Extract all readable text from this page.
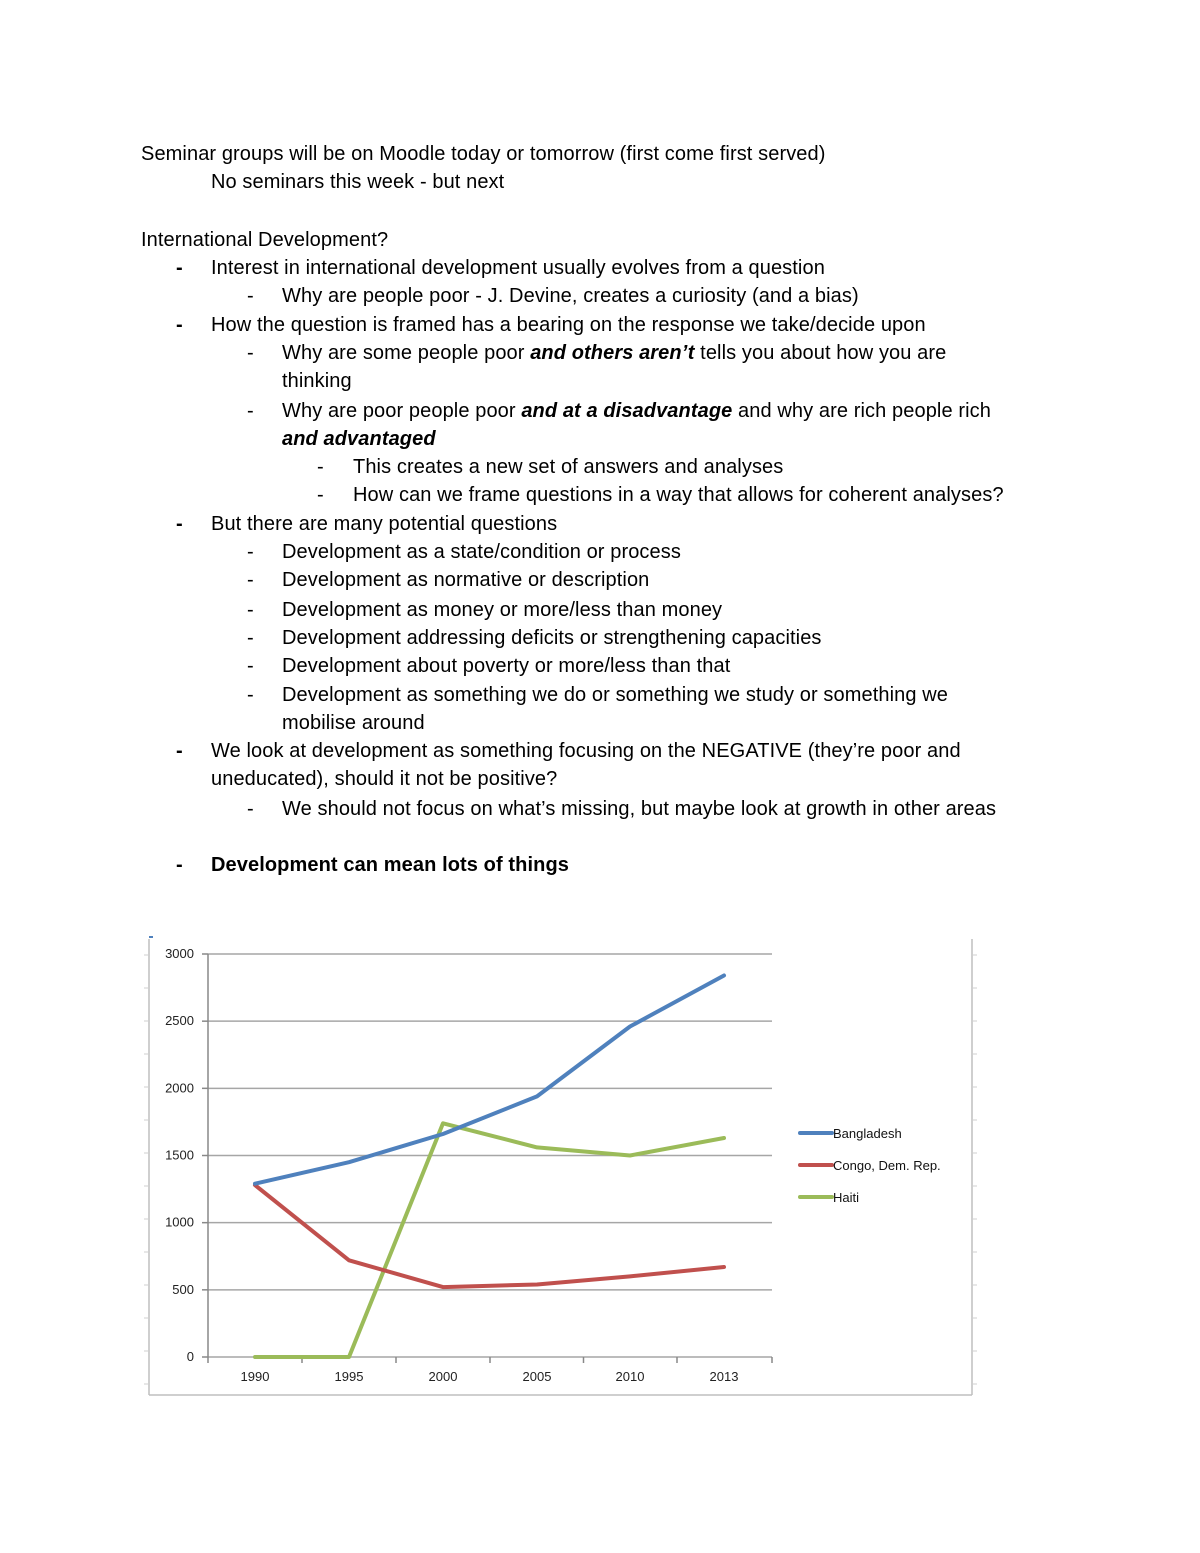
Seminar groups will be on Moodle today or tomorrow (first come first served)
No seminars this week - but next
International Development?
- Interest in international development usually evolves from a question
- Why are people poor - J. Devine, creates a curiosity (and a bias)
- How the question is framed has a bearing on the response we take/decide upon
- Why are some people poor and others aren’t tells you about how you are
thinking
- Why are poor people poor and at a disadvantage and why are rich people rich
and advantaged
- This creates a new set of answers and analyses
- How can we frame questions in a way that allows for coherent analyses?
- But there are many potential questions
- Development as a state/condition or process
- Development as normative or description
- Development as money or more/less than money
- Development addressing deficits or strengthening capacities
- Development about poverty or more/less than that
- Development as something we do or something we study or something we
mobilise around
- We look at development as something focusing on the NEGATIVE (they’re poor and
uneducated), should it not be positive?
- We should not focus on what’s missing, but maybe look at growth in other areas
- Development can mean lots of things
0
500
1000
1500
2000
2500
3000
1990	1995	2000	2005	2010	2013
Bangladesh
Congo, Dem. Rep.
Haiti
